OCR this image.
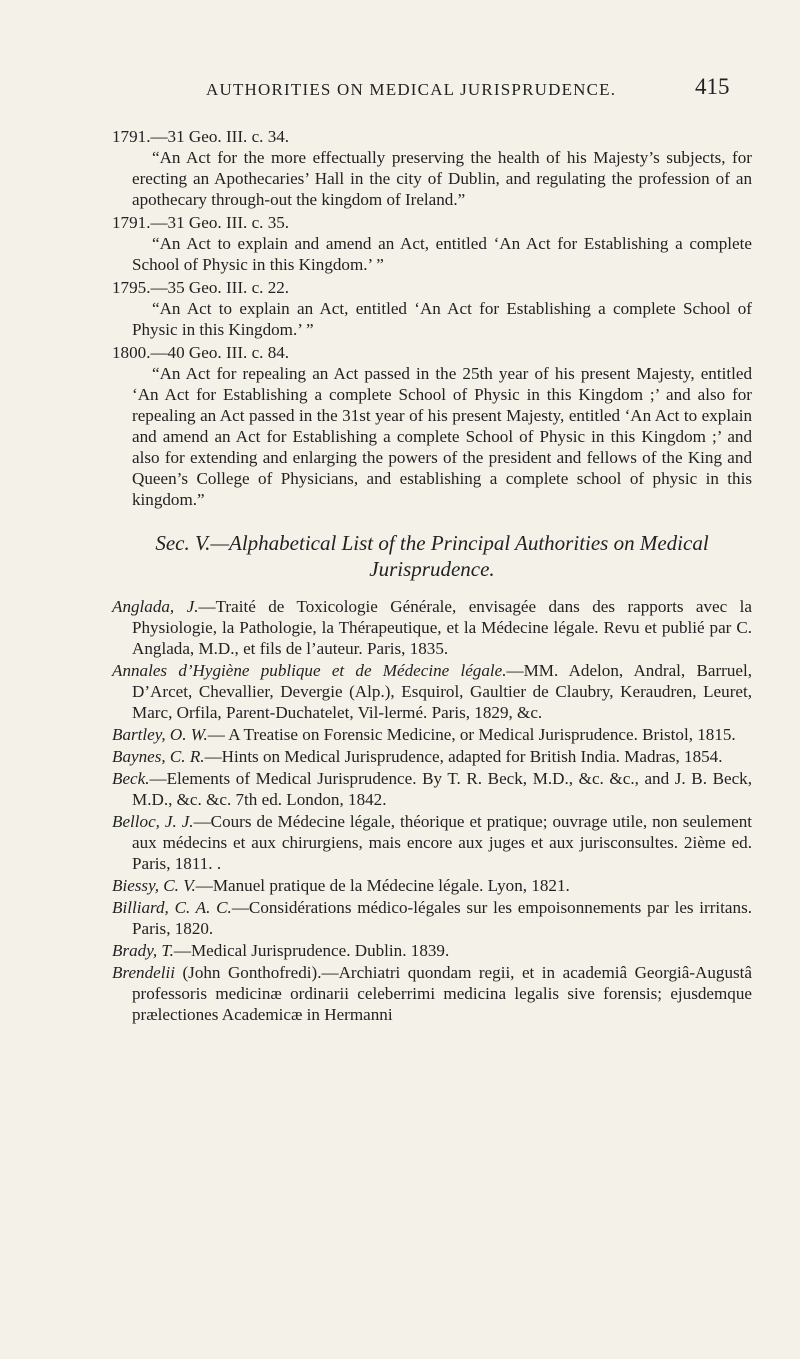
AUTHORITIES ON MEDICAL JURISPRUDENCE.	415
1791.—31 Geo. III. c. 34.
“An Act for the more effectually preserving the health of his Majesty’s subjects, for erecting an Apothecaries’ Hall in the city of Dublin, and regulating the profession of an apothecary through-out the kingdom of Ireland.”
1791.—31 Geo. III. c. 35.
“An Act to explain and amend an Act, entitled ‘An Act for Establishing a complete School of Physic in this Kingdom.’ ”
1795.—35 Geo. III. c. 22.
“An Act to explain an Act, entitled ‘An Act for Establishing a complete School of Physic in this Kingdom.’ ”
1800.—40 Geo. III. c. 84.
“An Act for repealing an Act passed in the 25th year of his present Majesty, entitled ‘An Act for Establishing a complete School of Physic in this Kingdom ;’ and also for repealing an Act passed in the 31st year of his present Majesty, entitled ‘An Act to explain and amend an Act for Establishing a complete School of Physic in this Kingdom ;’ and also for extending and enlarging the powers of the president and fellows of the King and Queen’s College of Physicians, and establishing a complete school of physic in this kingdom.”
Sec. V.—Alphabetical List of the Principal Authorities on Medical
Jurisprudence.
Anglada, J.—Traité de Toxicologie Générale, envisagée dans des rapports avec la Physiologie, la Pathologie, la Thérapeutique, et la Médecine légale. Revu et publié par C. Anglada, M.D., et fils de l’auteur. Paris, 1835.
Annales d’Hygiène publique et de Médecine légale.—MM. Adelon, Andral, Barruel, D’Arcet, Chevallier, Devergie (Alp.), Esquirol, Gaultier de Claubry, Keraudren, Leuret, Marc, Orfila, Parent-Duchatelet, Vil-lermé. Paris, 1829, &c.
Bartley, O. W.— A Treatise on Forensic Medicine, or Medical Jurisprudence. Bristol, 1815.
Baynes, C. R.—Hints on Medical Jurisprudence, adapted for British India. Madras, 1854.
Beck.—Elements of Medical Jurisprudence. By T. R. Beck, M.D., &c. &c., and J. B. Beck, M.D., &c. &c. 7th ed. London, 1842.
Belloc, J. J.—Cours de Médecine légale, théorique et pratique; ouvrage utile, non seulement aux médecins et aux chirurgiens, mais encore aux juges et aux jurisconsultes. 2ième ed. Paris, 1811. .
Biessy, C. V.—Manuel pratique de la Médecine légale. Lyon, 1821.
Billiard, C. A. C.—Considérations médico-légales sur les empoisonnements par les irritans. Paris, 1820.
Brady, T.—Medical Jurisprudence. Dublin. 1839.
Brendelii (John Gonthofredi).—Archiatri quondam regii, et in academiâ Georgiâ-Augustâ professoris medicinæ ordinarii celeberrimi medicina legalis sive forensis; ejusdemque prælectiones Academicæ in Hermanni
